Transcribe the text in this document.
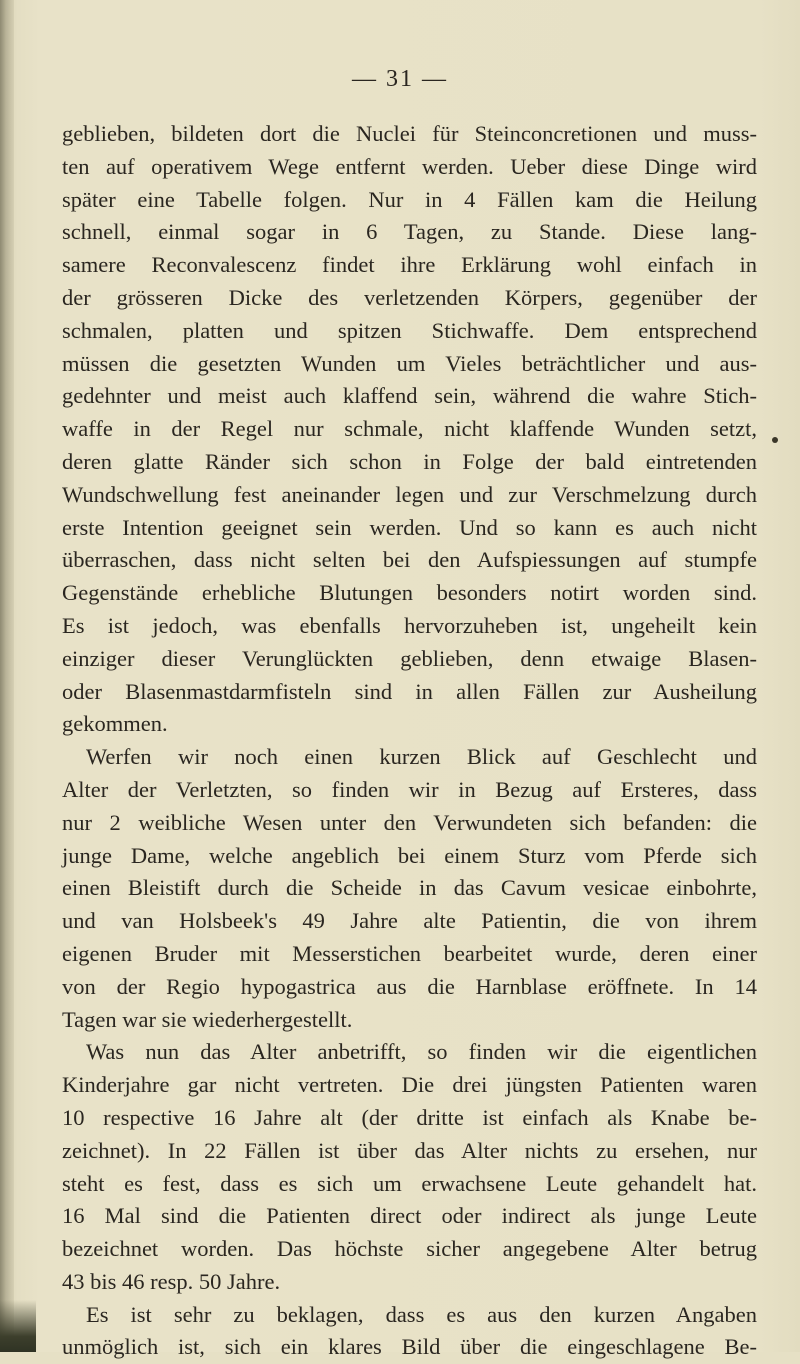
— 31 —
geblieben, bildeten dort die Nuclei für Steinconcretionen und muss-
ten auf operativem Wege entfernt werden. Ueber diese Dinge wird
später eine Tabelle folgen. Nur in 4 Fällen kam die Heilung
schnell, einmal sogar in 6 Tagen, zu Stande. Diese lang-
samere Reconvalescenz findet ihre Erklärung wohl einfach in
der grösseren Dicke des verletzenden Körpers, gegenüber der
schmalen, platten und spitzen Stichwaffe. Dem entsprechend
müssen die gesetzten Wunden um Vieles beträchtlicher und aus-
gedehnter und meist auch klaffend sein, während die wahre Stich-
waffe in der Regel nur schmale, nicht klaffende Wunden setzt,
deren glatte Ränder sich schon in Folge der bald eintretenden
Wundschwellung fest aneinander legen und zur Verschmelzung durch
erste Intention geeignet sein werden. Und so kann es auch nicht
überraschen, dass nicht selten bei den Aufspiessungen auf stumpfe
Gegenstände erhebliche Blutungen besonders notirt worden sind.
Es ist jedoch, was ebenfalls hervorzuheben ist, ungeheilt kein
einziger dieser Verunglückten geblieben, denn etwaige Blasen-
oder Blasenmastdarmfisteln sind in allen Fällen zur Ausheilung
gekommen.
Werfen wir noch einen kurzen Blick auf Geschlecht und
Alter der Verletzten, so finden wir in Bezug auf Ersteres, dass
nur 2 weibliche Wesen unter den Verwundeten sich befanden: die
junge Dame, welche angeblich bei einem Sturz vom Pferde sich
einen Bleistift durch die Scheide in das Cavum vesicae einbohrte,
und van Holsbeek's 49 Jahre alte Patientin, die von ihrem
eigenen Bruder mit Messerstichen bearbeitet wurde, deren einer
von der Regio hypogastrica aus die Harnblase eröffnete. In 14
Tagen war sie wiederhergestellt.
Was nun das Alter anbetrifft, so finden wir die eigentlichen
Kinderjahre gar nicht vertreten. Die drei jüngsten Patienten waren
10 respective 16 Jahre alt (der dritte ist einfach als Knabe be-
zeichnet). In 22 Fällen ist über das Alter nichts zu ersehen, nur
steht es fest, dass es sich um erwachsene Leute gehandelt hat.
16 Mal sind die Patienten direct oder indirect als junge Leute
bezeichnet worden. Das höchste sicher angegebene Alter betrug
43 bis 46 resp. 50 Jahre.
Es ist sehr zu beklagen, dass es aus den kurzen Angaben
unmöglich ist, sich ein klares Bild über die eingeschlagene Be-
